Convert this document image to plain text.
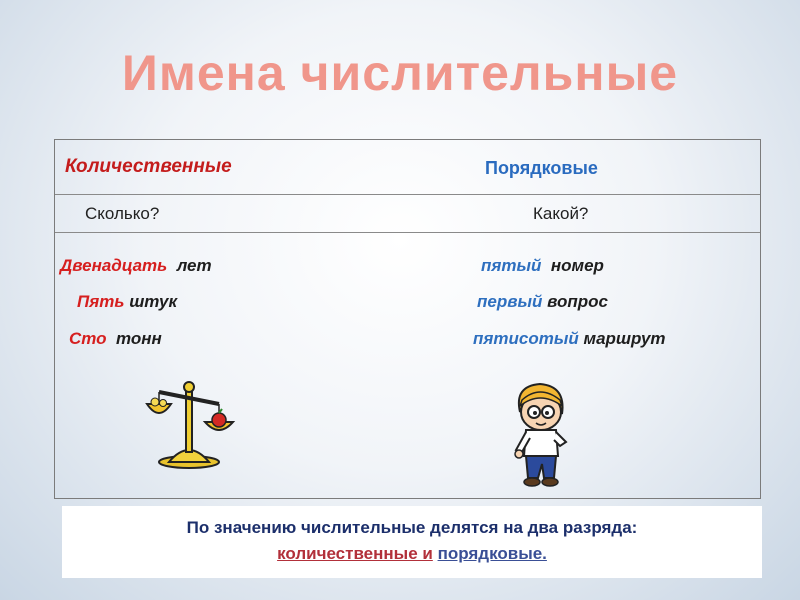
Имена числительные
Количественные	Порядковые
Сколько?	Какой?
Двенадцать лет
Пять штук
Сто тонн
пятый номер
первый вопрос
пятисотый маршрут
По значению числительные делятся на два разряда:
количественные и порядковые.
